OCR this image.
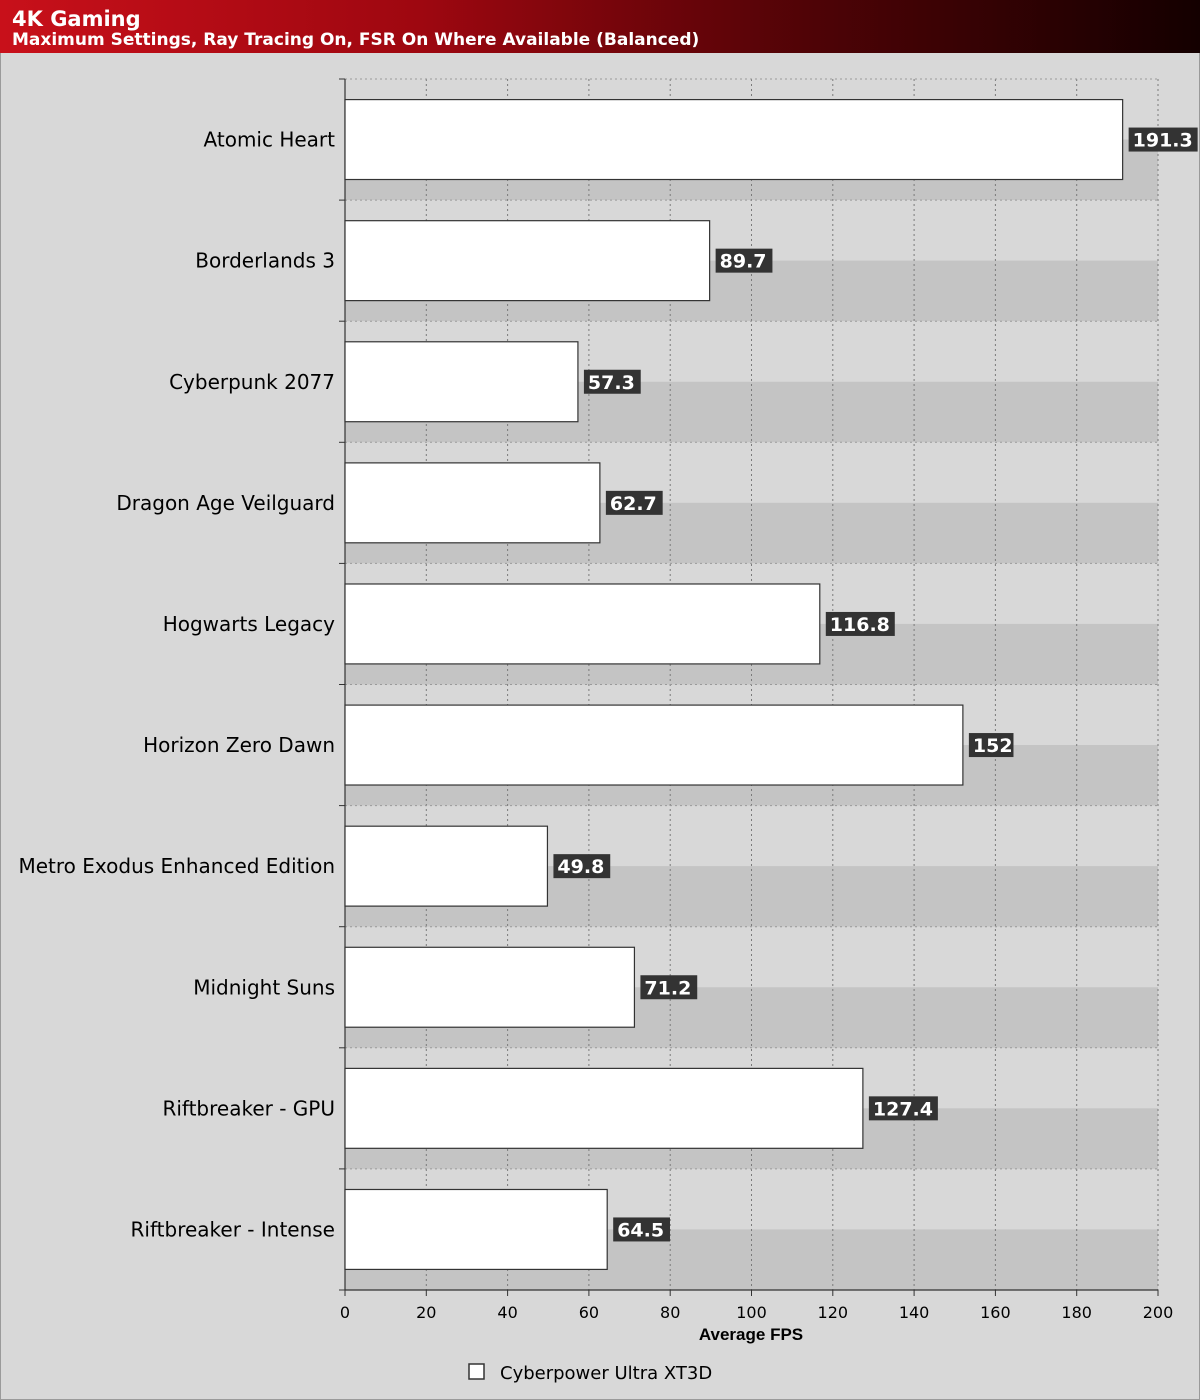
4K Gaming
Maximum Settings, Ray Tracing On, FSR On Where Available (Balanced)
191.3
89.7
57.3
62.7
116.8
152
49.8
71.2
127.4
64.5
Atomic Heart
Borderlands 3
Cyberpunk 2077
Dragon Age Veilguard
Hogwarts Legacy
Horizon Zero Dawn
Metro Exodus Enhanced Edition
Midnight Suns
Riftbreaker - GPU
Riftbreaker - Intense
0	20	40	60	80	100	120	140	160	180	200
Average FPS
Cyberpower Ultra XT3D
